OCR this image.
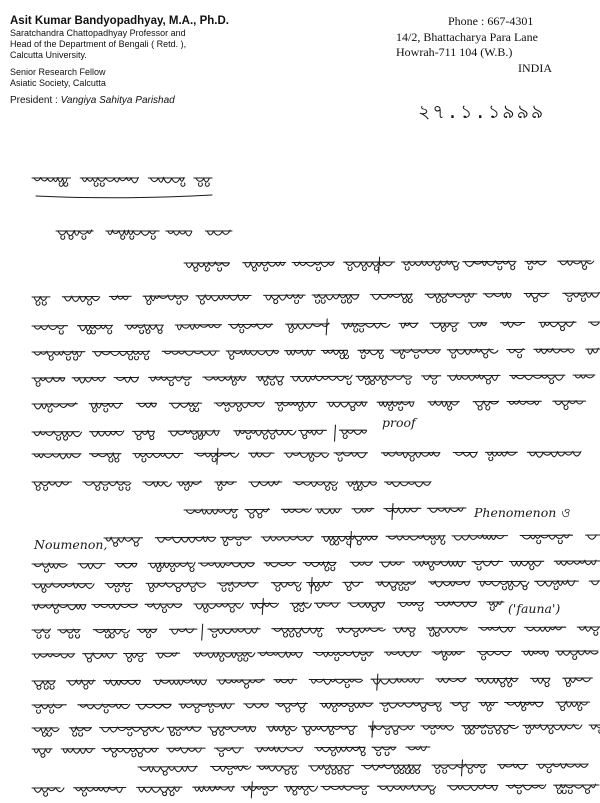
Asit Kumar Bandyopadhyay, M.A., Ph.D.
Saratchandra Chattopadhyay Professor and
Head of the Department of Bengali ( Retd. ),
Calcutta University.
Senior Research Fellow
Asiatic Society, Calcutta
President : Vangiya Sahitya Parishad
Phone : 667-4301
14/2, Bhattacharya Para Lane
Howrah-711 104 (W.B.)
INDIA
২৭.১.১৯৯৯
Phenomenon ও
Noumenon,
('fauna')
proof
